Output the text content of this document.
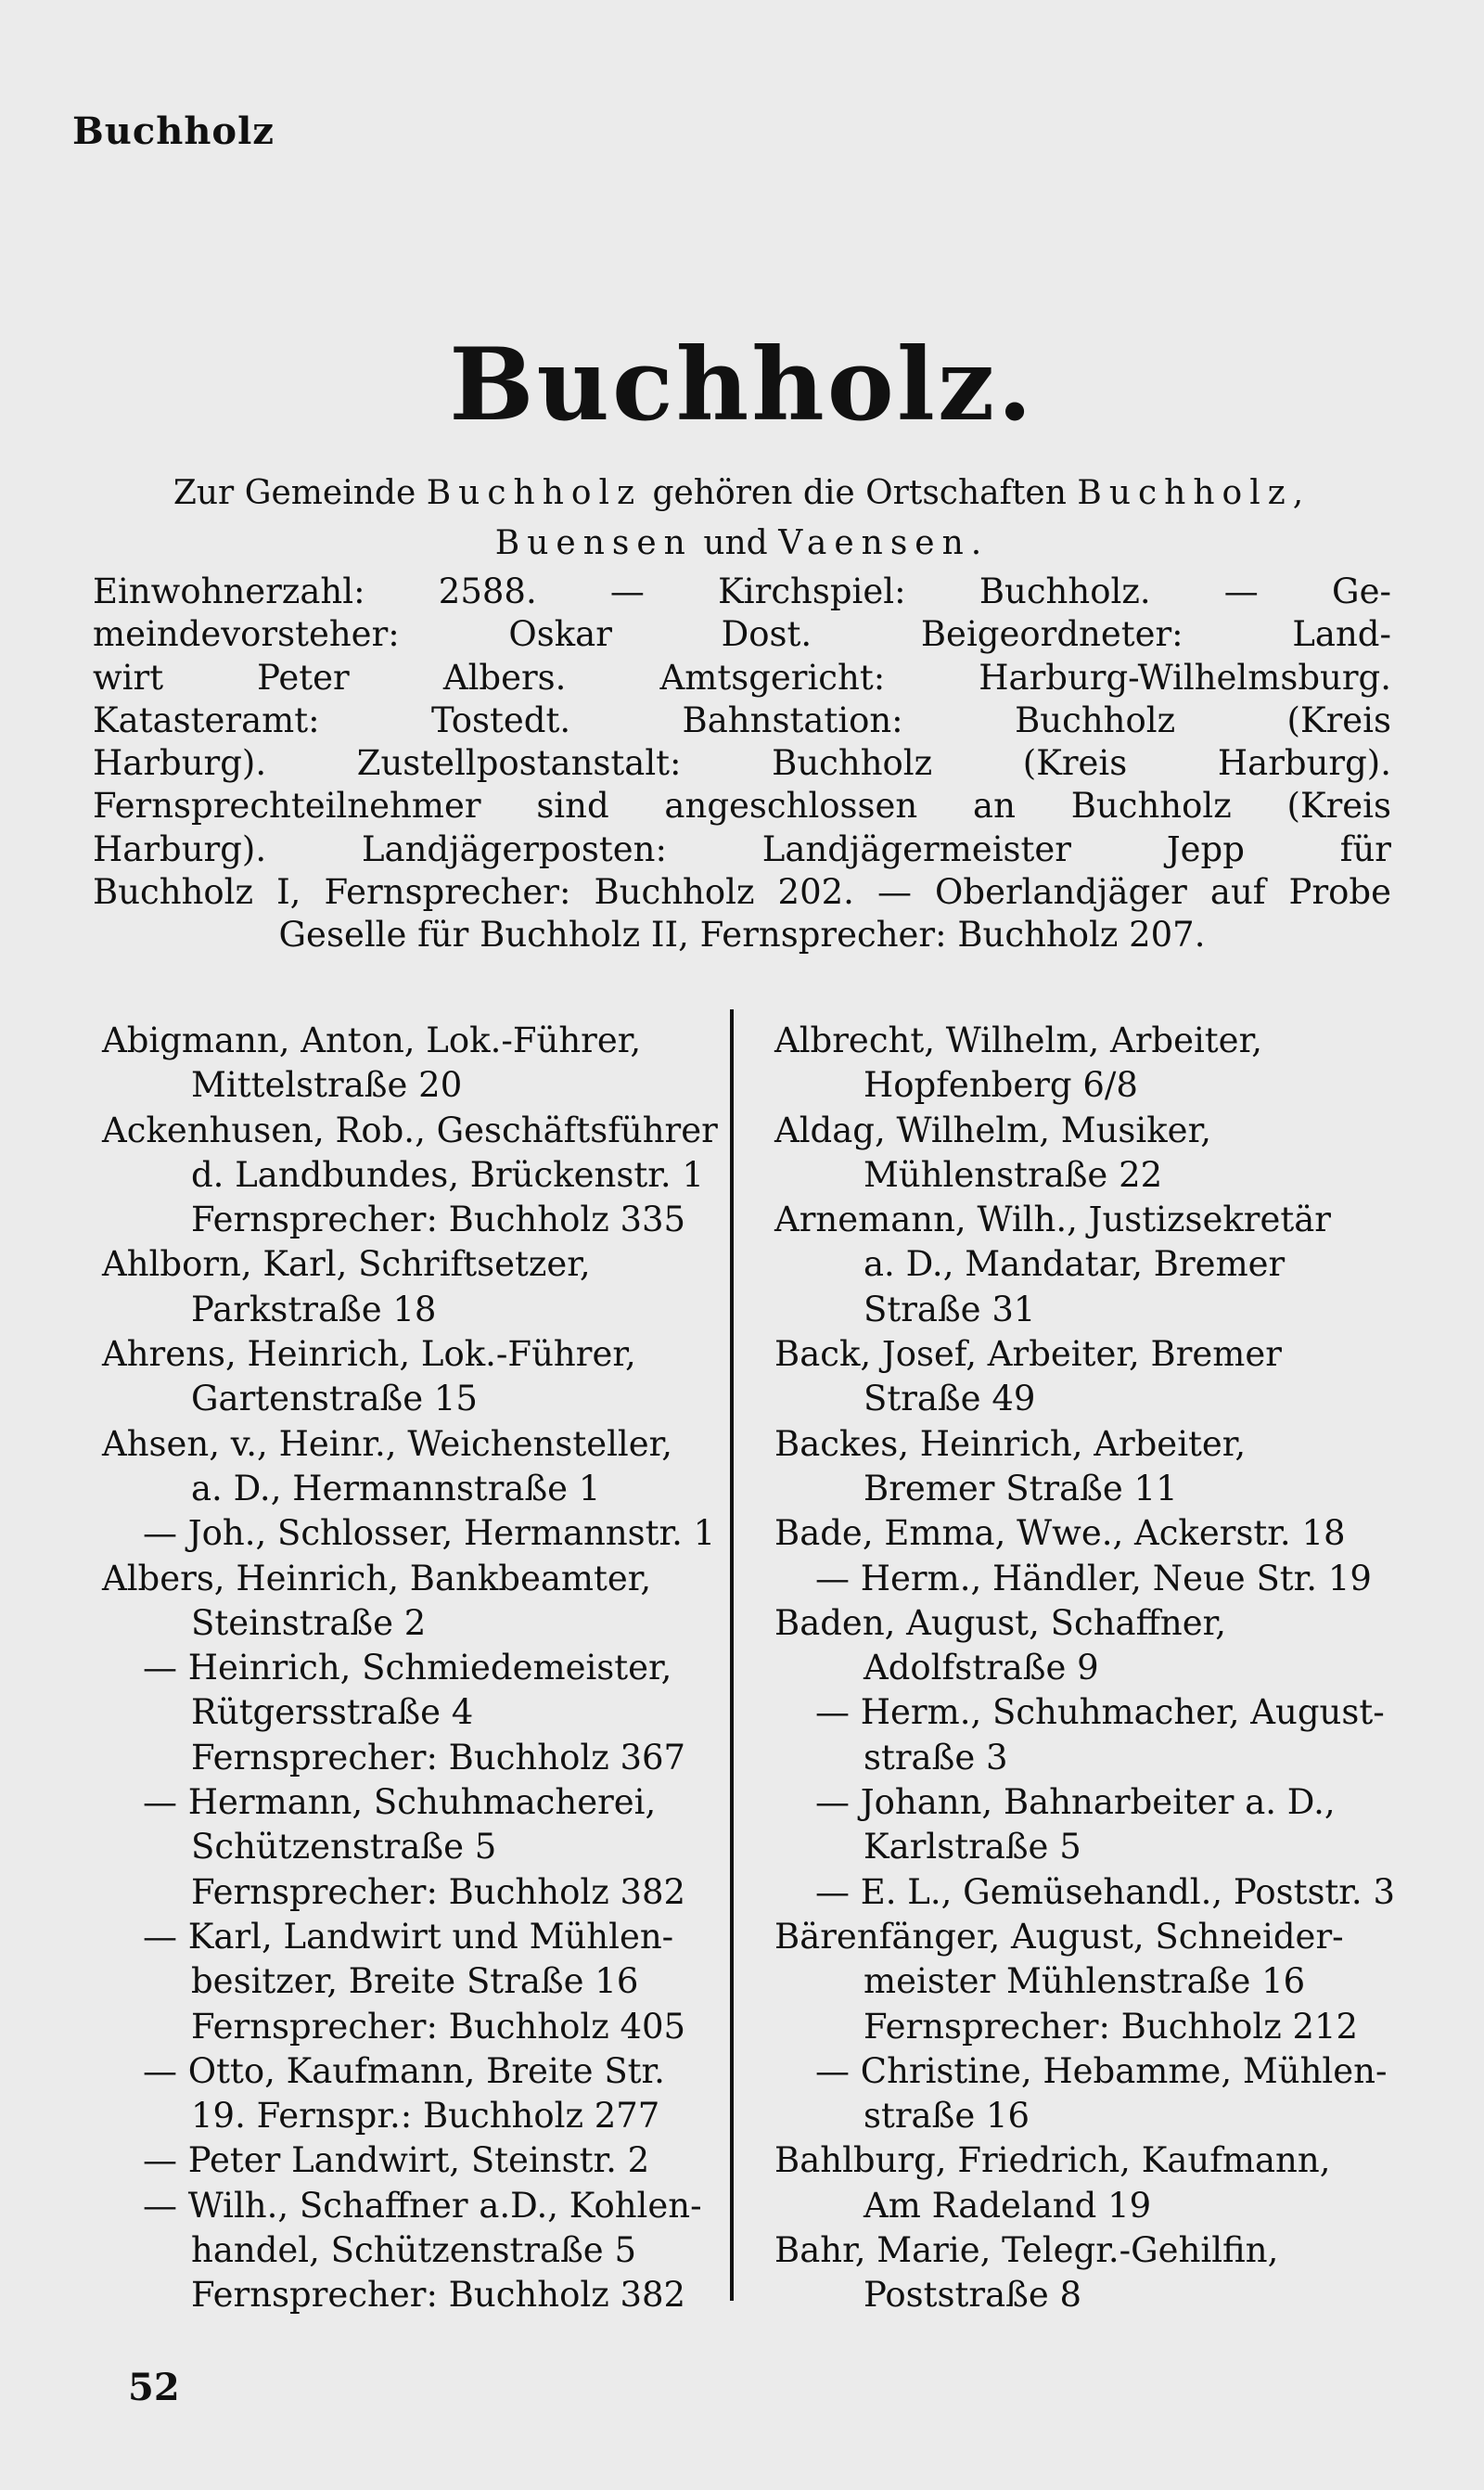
Buchholz
Buchholz.
Zur Gemeinde Buchholz gehören die Ortschaften Buchholz,
Buensen und Vaensen.
Einwohnerzahl: 2588. — Kirchspiel: Buchholz. — Ge-
meindevorsteher: Oskar Dost. Beigeordneter: Land-
wirt Peter Albers. Amtsgericht: Harburg-Wilhelmsburg.
Katasteramt: Tostedt. Bahnstation: Buchholz (Kreis
Harburg). Zustellpostanstalt: Buchholz (Kreis Harburg).
Fernsprechteilnehmer sind angeschlossen an Buchholz (Kreis
Harburg). Landjägerposten: Landjägermeister Jepp für
Buchholz I, Fernsprecher: Buchholz 202. — Oberlandjäger auf Probe
Geselle für Buchholz II, Fernsprecher: Buchholz 207.
Abigmann, Anton, Lok.-Führer,
Mittelstraße 20
Ackenhusen, Rob., Geschäftsführer
d. Landbundes, Brückenstr. 1
Fernsprecher: Buchholz 335
Ahlborn, Karl, Schriftsetzer,
Parkstraße 18
Ahrens, Heinrich, Lok.-Führer,
Gartenstraße 15
Ahsen, v., Heinr., Weichensteller,
a. D., Hermannstraße 1
— Joh., Schlosser, Hermannstr. 1
Albers, Heinrich, Bankbeamter,
Steinstraße 2
— Heinrich, Schmiedemeister,
Rütgersstraße 4
Fernsprecher: Buchholz 367
— Hermann, Schuhmacherei,
Schützenstraße 5
Fernsprecher: Buchholz 382
— Karl, Landwirt und Mühlen-
besitzer, Breite Straße 16
Fernsprecher: Buchholz 405
— Otto, Kaufmann, Breite Str.
19. Fernspr.: Buchholz 277
— Peter Landwirt, Steinstr. 2
— Wilh., Schaffner a.D., Kohlen-
handel, Schützenstraße 5
Fernsprecher: Buchholz 382
Albrecht, Wilhelm, Arbeiter,
Hopfenberg 6/8
Aldag, Wilhelm, Musiker,
Mühlenstraße 22
Arnemann, Wilh., Justizsekretär
a. D., Mandatar, Bremer
Straße 31
Back, Josef, Arbeiter, Bremer
Straße 49
Backes, Heinrich, Arbeiter,
Bremer Straße 11
Bade, Emma, Wwe., Ackerstr. 18
— Herm., Händler, Neue Str. 19
Baden, August, Schaffner,
Adolfstraße 9
— Herm., Schuhmacher, August-
straße 3
— Johann, Bahnarbeiter a. D.,
Karlstraße 5
— E. L., Gemüsehandl., Poststr. 3
Bärenfänger, August, Schneider-
meister Mühlenstraße 16
Fernsprecher: Buchholz 212
— Christine, Hebamme, Mühlen-
straße 16
Bahlburg, Friedrich, Kaufmann,
Am Radeland 19
Bahr, Marie, Telegr.-Gehilfin,
Poststraße 8
52
